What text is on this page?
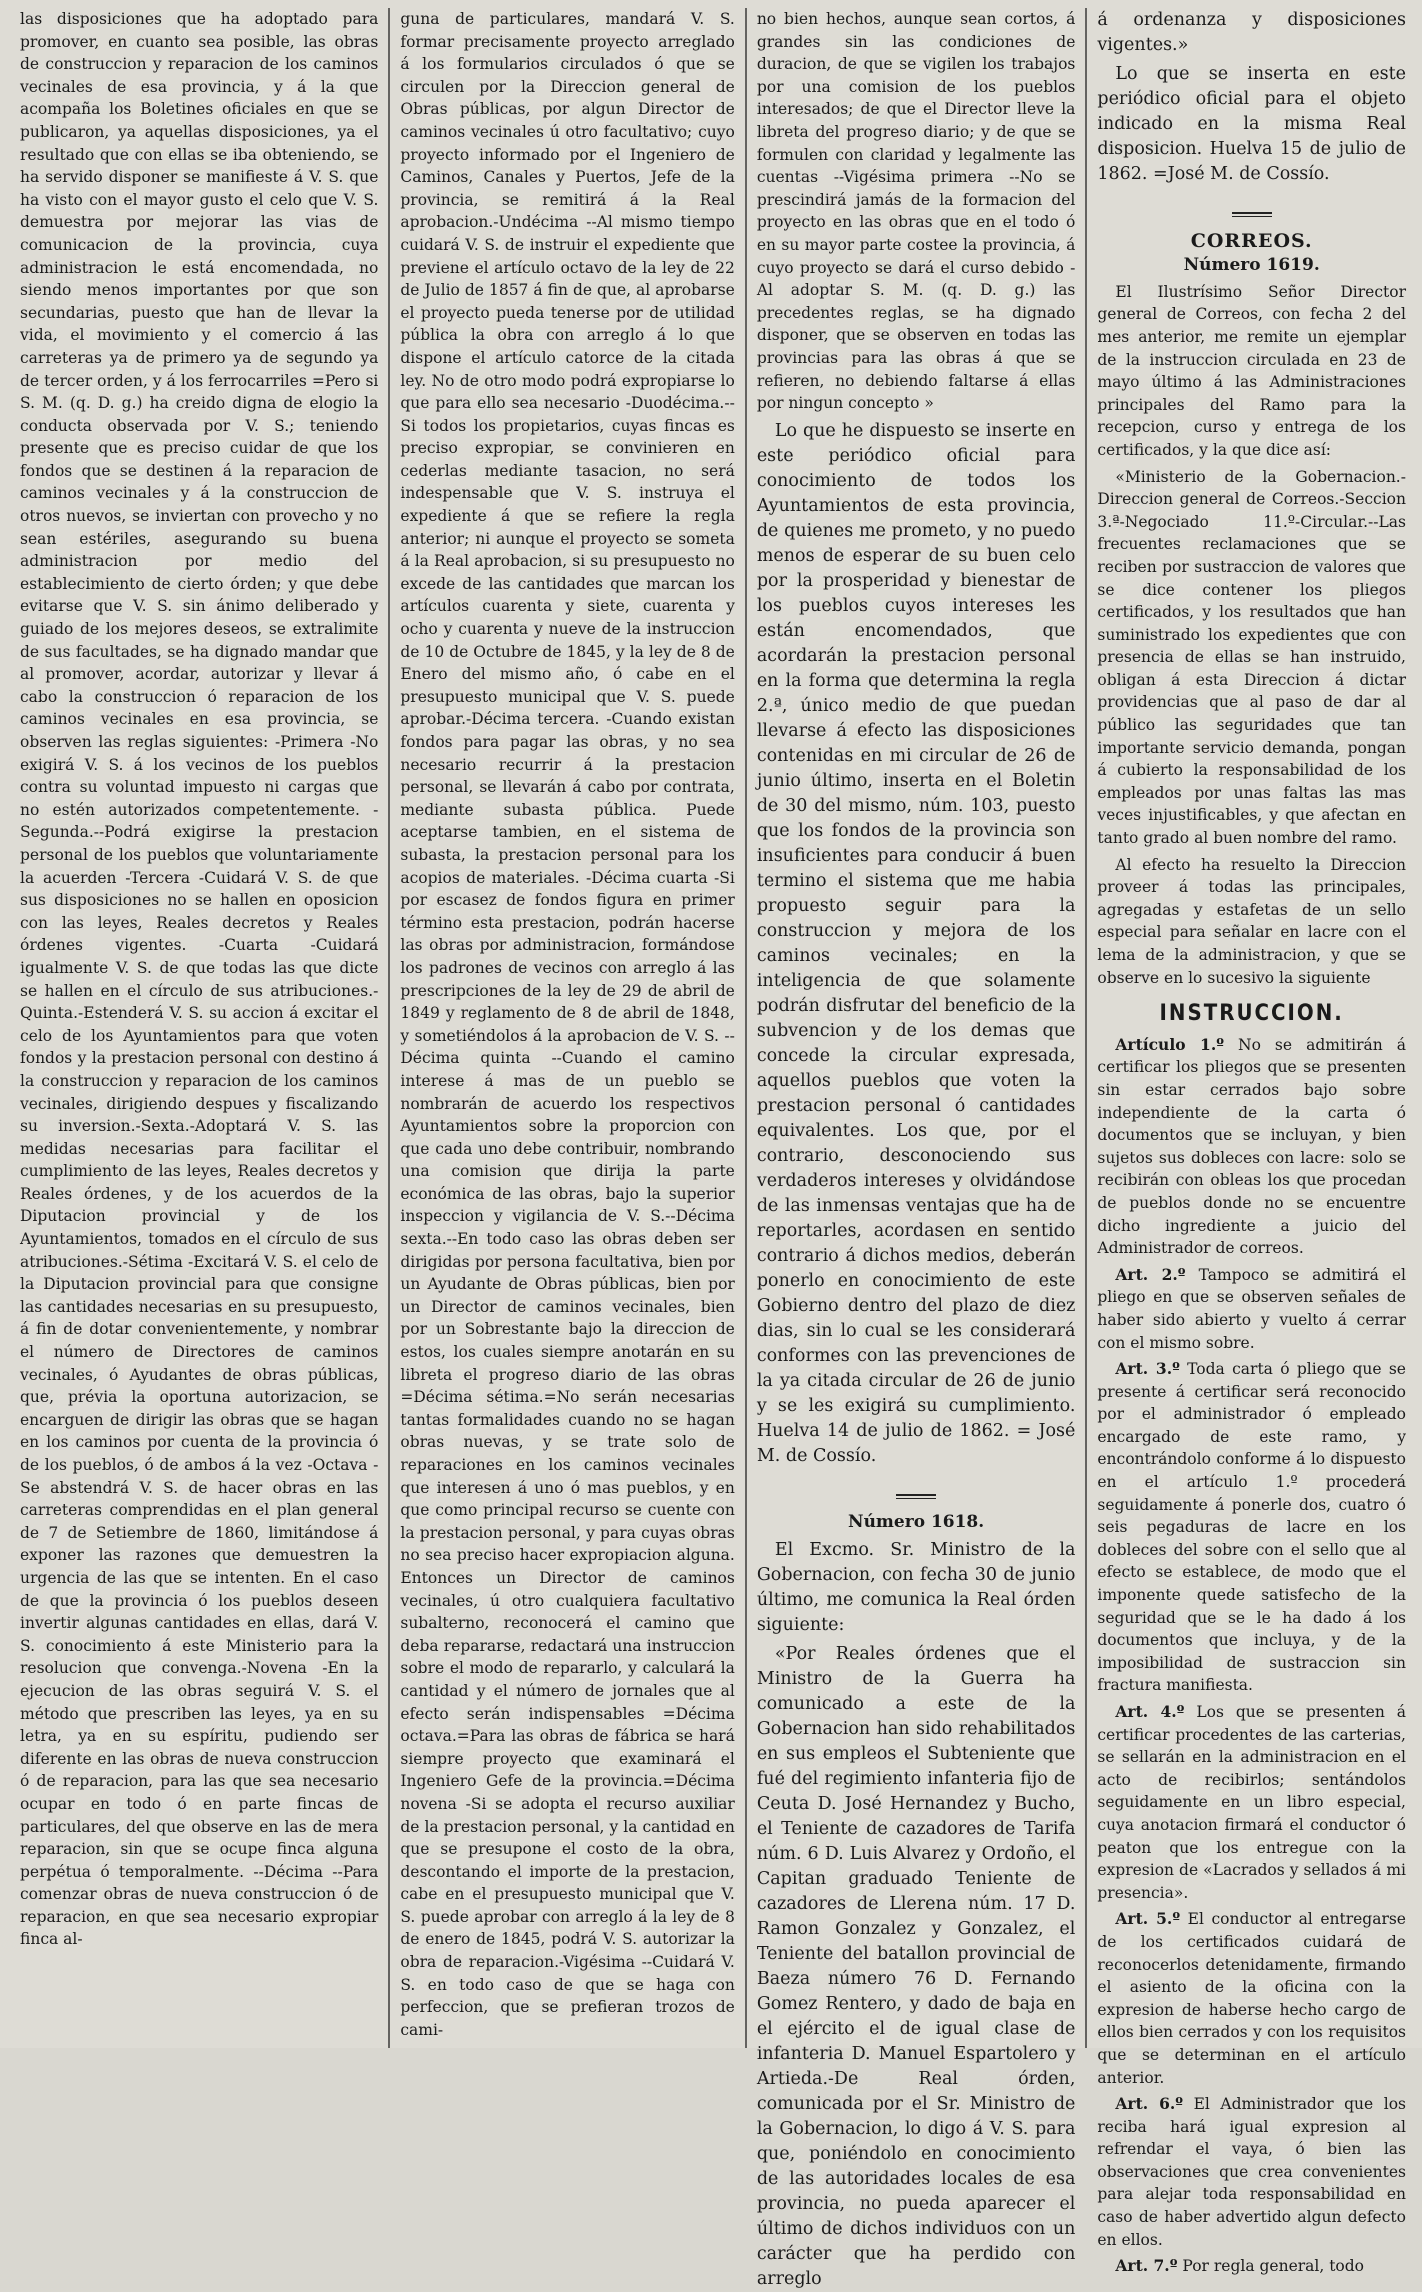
las disposiciones que ha adoptado para promover, en cuanto sea posible, las obras de construccion y reparacion de los caminos vecinales de esa provincia, y á la que acompaña los Boletines oficiales en que se publicaron, ya aquellas disposiciones, ya el resultado que con ellas se iba obteniendo, se ha servido disponer se manifieste á V. S. que ha visto con el mayor gusto el celo que V. S. demuestra por mejorar las vias de comunicacion de la provincia, cuya administracion le está encomendada, no siendo menos importantes por que son secundarias, puesto que han de llevar la vida, el movimiento y el comercio á las carreteras ya de primero ya de segundo ya de tercer orden, y á los ferrocarriles =Pero si S. M. (q. D. g.) ha creido digna de elogio la conducta observada por V. S.; teniendo presente que es preciso cuidar de que los fondos que se destinen á la reparacion de caminos vecinales y á la construccion de otros nuevos, se inviertan con provecho y no sean estériles, asegurando su buena administracion por medio del establecimiento de cierto órden; y que debe evitarse que V. S. sin ánimo deliberado y guiado de los mejores deseos, se extralimite de sus facultades, se ha dignado mandar que al promover, acordar, autorizar y llevar á cabo la construccion ó reparacion de los caminos vecinales en esa provincia, se observen las reglas siguientes: -Primera -No exigirá V. S. á los vecinos de los pueblos contra su voluntad impuesto ni cargas que no estén autorizados competentemente. -Segunda.--Podrá exigirse la prestacion personal de los pueblos que voluntariamente la acuerden -Tercera -Cuidará V. S. de que sus disposiciones no se hallen en oposicion con las leyes, Reales decretos y Reales órdenes vigentes. -Cuarta -Cuidará igualmente V. S. de que todas las que dicte se hallen en el círculo de sus atribuciones.-Quinta.-Estenderá V. S. su accion á excitar el celo de los Ayuntamientos para que voten fondos y la prestacion personal con destino á la construccion y reparacion de los caminos vecinales, dirigiendo despues y fiscalizando su inversion.-Sexta.-Adoptará V. S. las medidas necesarias para facilitar el cumplimiento de las leyes, Reales decretos y Reales órdenes, y de los acuerdos de la Diputacion provincial y de los Ayuntamientos, tomados en el círculo de sus atribuciones.-Sétima -Excitará V. S. el celo de la Diputacion provincial para que consigne las cantidades necesarias en su presupuesto, á fin de dotar convenientemente, y nombrar el número de Directores de caminos vecinales, ó Ayudantes de obras públicas, que, prévia la oportuna autorizacion, se encarguen de dirigir las obras que se hagan en los caminos por cuenta de la provincia ó de los pueblos, ó de ambos á la vez -Octava -Se abstendrá V. S. de hacer obras en las carreteras comprendidas en el plan general de 7 de Setiembre de 1860, limitándose á exponer las razones que demuestren la urgencia de las que se intenten. En el caso de que la provincia ó los pueblos deseen invertir algunas cantidades en ellas, dará V. S. conocimiento á este Ministerio para la resolucion que convenga.-Novena -En la ejecucion de las obras seguirá V. S. el método que prescriben las leyes, ya en su letra, ya en su espíritu, pudiendo ser diferente en las obras de nueva construccion ó de reparacion, para las que sea necesario ocupar en todo ó en parte fincas de particulares, del que observe en las de mera reparacion, sin que se ocupe finca alguna perpétua ó temporalmente. --Décima --Para comenzar obras de nueva construccion ó de reparacion, en que sea necesario expropiar finca al-

guna de particulares, mandará V. S. formar precisamente proyecto arreglado á los formularios circulados ó que se circulen por la Direccion general de Obras públicas, por algun Director de caminos vecinales ú otro facultativo; cuyo proyecto informado por el Ingeniero de Caminos, Canales y Puertos, Jefe de la provincia, se remitirá á la Real aprobacion.-Undécima --Al mismo tiempo cuidará V. S. de instruir el expediente que previene el artículo octavo de la ley de 22 de Julio de 1857 á fin de que, al aprobarse el proyecto pueda tenerse por de utilidad pública la obra con arreglo á lo que dispone el artículo catorce de la citada ley. No de otro modo podrá expropiarse lo que para ello sea necesario -Duodécima.--Si todos los propietarios, cuyas fincas es preciso expropiar, se convinieren en cederlas mediante tasacion, no será indespensable que V. S. instruya el expediente á que se refiere la regla anterior; ni aunque el proyecto se someta á la Real aprobacion, si su presupuesto no excede de las cantidades que marcan los artículos cuarenta y siete, cuarenta y ocho y cuarenta y nueve de la instruccion de 10 de Octubre de 1845, y la ley de 8 de Enero del mismo año, ó cabe en el presupuesto municipal que V. S. puede aprobar.-Décima tercera. -Cuando existan fondos para pagar las obras, y no sea necesario recurrir á la prestacion personal, se llevarán á cabo por contrata, mediante subasta pública. Puede aceptarse tambien, en el sistema de subasta, la prestacion personal para los acopios de materiales. -Décima cuarta -Si por escasez de fondos figura en primer término esta prestacion, podrán hacerse las obras por administracion, formándose los padrones de vecinos con arreglo á las prescripciones de la ley de 29 de abril de 1849 y reglamento de 8 de abril de 1848, y sometiéndolos á la aprobacion de V. S. --Décima quinta --Cuando el camino interese á mas de un pueblo se nombrarán de acuerdo los respectivos Ayuntamientos sobre la proporcion con que cada uno debe contribuir, nombrando una comision que dirija la parte económica de las obras, bajo la superior inspeccion y vigilancia de V. S.--Décima sexta.--En todo caso las obras deben ser dirigidas por persona facultativa, bien por un Ayudante de Obras públicas, bien por un Director de caminos vecinales, bien por un Sobrestante bajo la direccion de estos, los cuales siempre anotarán en su libreta el progreso diario de las obras =Décima sétima.=No serán necesarias tantas formalidades cuando no se hagan obras nuevas, y se trate solo de reparaciones en los caminos vecinales que interesen á uno ó mas pueblos, y en que como principal recurso se cuente con la prestacion personal, y para cuyas obras no sea preciso hacer expropiacion alguna. Entonces un Director de caminos vecinales, ú otro cualquiera facultativo subalterno, reconocerá el camino que deba repararse, redactará una instruccion sobre el modo de repararlo, y calculará la cantidad y el número de jornales que al efecto serán indispensables =Décima octava.=Para las obras de fábrica se hará siempre proyecto que examinará el Ingeniero Gefe de la provincia.=Décima novena -Si se adopta el recurso auxiliar de la prestacion personal, y la cantidad en que se presupone el costo de la obra, descontando el importe de la prestacion, cabe en el presupuesto municipal que V. S. puede aprobar con arreglo á la ley de 8 de enero de 1845, podrá V. S. autorizar la obra de reparacion.-Vigésima --Cuidará V. S. en todo caso de que se haga con perfeccion, que se prefieran trozos de cami-

no bien hechos, aunque sean cortos, á grandes sin las condiciones de duracion, de que se vigilen los trabajos por una comision de los pueblos interesados; de que el Director lleve la libreta del progreso diario; y de que se formulen con claridad y legalmente las cuentas --Vigésima primera --No se prescindirá jamás de la formacion del proyecto en las obras que en el todo ó en su mayor parte costee la provincia, á cuyo proyecto se dará el curso debido -Al adoptar S. M. (q. D. g.) las precedentes reglas, se ha dignado disponer, que se observen en todas las provincias para las obras á que se refieren, no debiendo faltarse á ellas por ningun concepto »

Lo que he dispuesto se inserte en este periódico oficial para conocimiento de todos los Ayuntamientos de esta provincia, de quienes me prometo, y no puedo menos de esperar de su buen celo por la prosperidad y bienestar de los pueblos cuyos intereses les están encomendados, que acordarán la prestacion personal en la forma que determina la regla 2.ª, único medio de que puedan llevarse á efecto las disposiciones contenidas en mi circular de 26 de junio último, inserta en el Boletin de 30 del mismo, núm. 103, puesto que los fondos de la provincia son insuficientes para conducir á buen termino el sistema que me habia propuesto seguir para la construccion y mejora de los caminos vecinales; en la inteligencia de que solamente podrán disfrutar del beneficio de la subvencion y de los demas que concede la circular expresada, aquellos pueblos que voten la prestacion personal ó cantidades equivalentes. Los que, por el contrario, desconociendo sus verdaderos intereses y olvidándose de las inmensas ventajas que ha de reportarles, acordasen en sentido contrario á dichos medios, deberán ponerlo en conocimiento de este Gobierno dentro del plazo de diez dias, sin lo cual se les considerará conformes con las prevenciones de la ya citada circular de 26 de junio y se les exigirá su cumplimiento. Huelva 14 de julio de 1862. = José M. de Cossío.

Número 1618.

El Excmo. Sr. Ministro de la Gobernacion, con fecha 30 de junio último, me comunica la Real órden siguiente:

«Por Reales órdenes que el Ministro de la Guerra ha comunicado a este de la Gobernacion han sido rehabilitados en sus empleos el Subteniente que fué del regimiento infanteria fijo de Ceuta D. José Hernandez y Bucho, el Teniente de cazadores de Tarifa núm. 6 D. Luis Alvarez y Ordoño, el Capitan graduado Teniente de cazadores de Llerena núm. 17 D. Ramon Gonzalez y Gonzalez, el Teniente del batallon provincial de Baeza número 76 D. Fernando Gomez Rentero, y dado de baja en el ejército el de igual clase de infanteria D. Manuel Espartolero y Artieda.-De Real órden, comunicada por el Sr. Ministro de la Gobernacion, lo digo á V. S. para que, poniéndolo en conocimiento de las autoridades locales de esa provincia, no pueda aparecer el último de dichos individuos con un carácter que ha perdido con arreglo

á ordenanza y disposiciones vigentes.»

Lo que se inserta en este periódico oficial para el objeto indicado en la misma Real disposicion. Huelva 15 de julio de 1862. =José M. de Cossío.

CORREOS.
Número 1619.

El Ilustrísimo Señor Director general de Correos, con fecha 2 del mes anterior, me remite un ejemplar de la instruccion circulada en 23 de mayo último á las Administraciones principales del Ramo para la recepcion, curso y entrega de los certificados, y la que dice así:

«Ministerio de la Gobernacion.-Direccion general de Correos.-Seccion 3.ª-Negociado 11.º-Circular.--Las frecuentes reclamaciones que se reciben por sustraccion de valores que se dice contener los pliegos certificados, y los resultados que han suministrado los expedientes que con presencia de ellas se han instruido, obligan á esta Direccion á dictar providencias que al paso de dar al público las seguridades que tan importante servicio demanda, pongan á cubierto la responsabilidad de los empleados por unas faltas las mas veces injustificables, y que afectan en tanto grado al buen nombre del ramo.

Al efecto ha resuelto la Direccion proveer á todas las principales, agregadas y estafetas de un sello especial para señalar en lacre con el lema de la administracion, y que se observe en lo sucesivo la siguiente

INSTRUCCION.

Artículo 1.º No se admitirán á certificar los pliegos que se presenten sin estar cerrados bajo sobre independiente de la carta ó documentos que se incluyan, y bien sujetos sus dobleces con lacre: solo se recibirán con obleas los que procedan de pueblos donde no se encuentre dicho ingrediente a juicio del Administrador de correos.

Art. 2.º Tampoco se admitirá el pliego en que se observen señales de haber sido abierto y vuelto á cerrar con el mismo sobre.

Art. 3.º Toda carta ó pliego que se presente á certificar será reconocido por el administrador ó empleado encargado de este ramo, y encontrándolo conforme á lo dispuesto en el artículo 1.º procederá seguidamente á ponerle dos, cuatro ó seis pegaduras de lacre en los dobleces del sobre con el sello que al efecto se establece, de modo que el imponente quede satisfecho de la seguridad que se le ha dado á los documentos que incluya, y de la imposibilidad de sustraccion sin fractura manifiesta.

Art. 4.º Los que se presenten á certificar procedentes de las carterias, se sellarán en la administracion en el acto de recibirlos; sentándolos seguidamente en un libro especial, cuya anotacion firmará el conductor ó peaton que los entregue con la expresion de «Lacrados y sellados á mi presencia».

Art. 5.º El conductor al entregarse de los certificados cuidará de reconocerlos detenidamente, firmando el asiento de la oficina con la expresion de haberse hecho cargo de ellos bien cerrados y con los requisitos que se determinan en el artículo anterior.

Art. 6.º El Administrador que los reciba hará igual expresion al refrendar el vaya, ó bien las observaciones que crea convenientes para alejar toda responsabilidad en caso de haber advertido algun defecto en ellos.

Art. 7.º Por regla general, todo
